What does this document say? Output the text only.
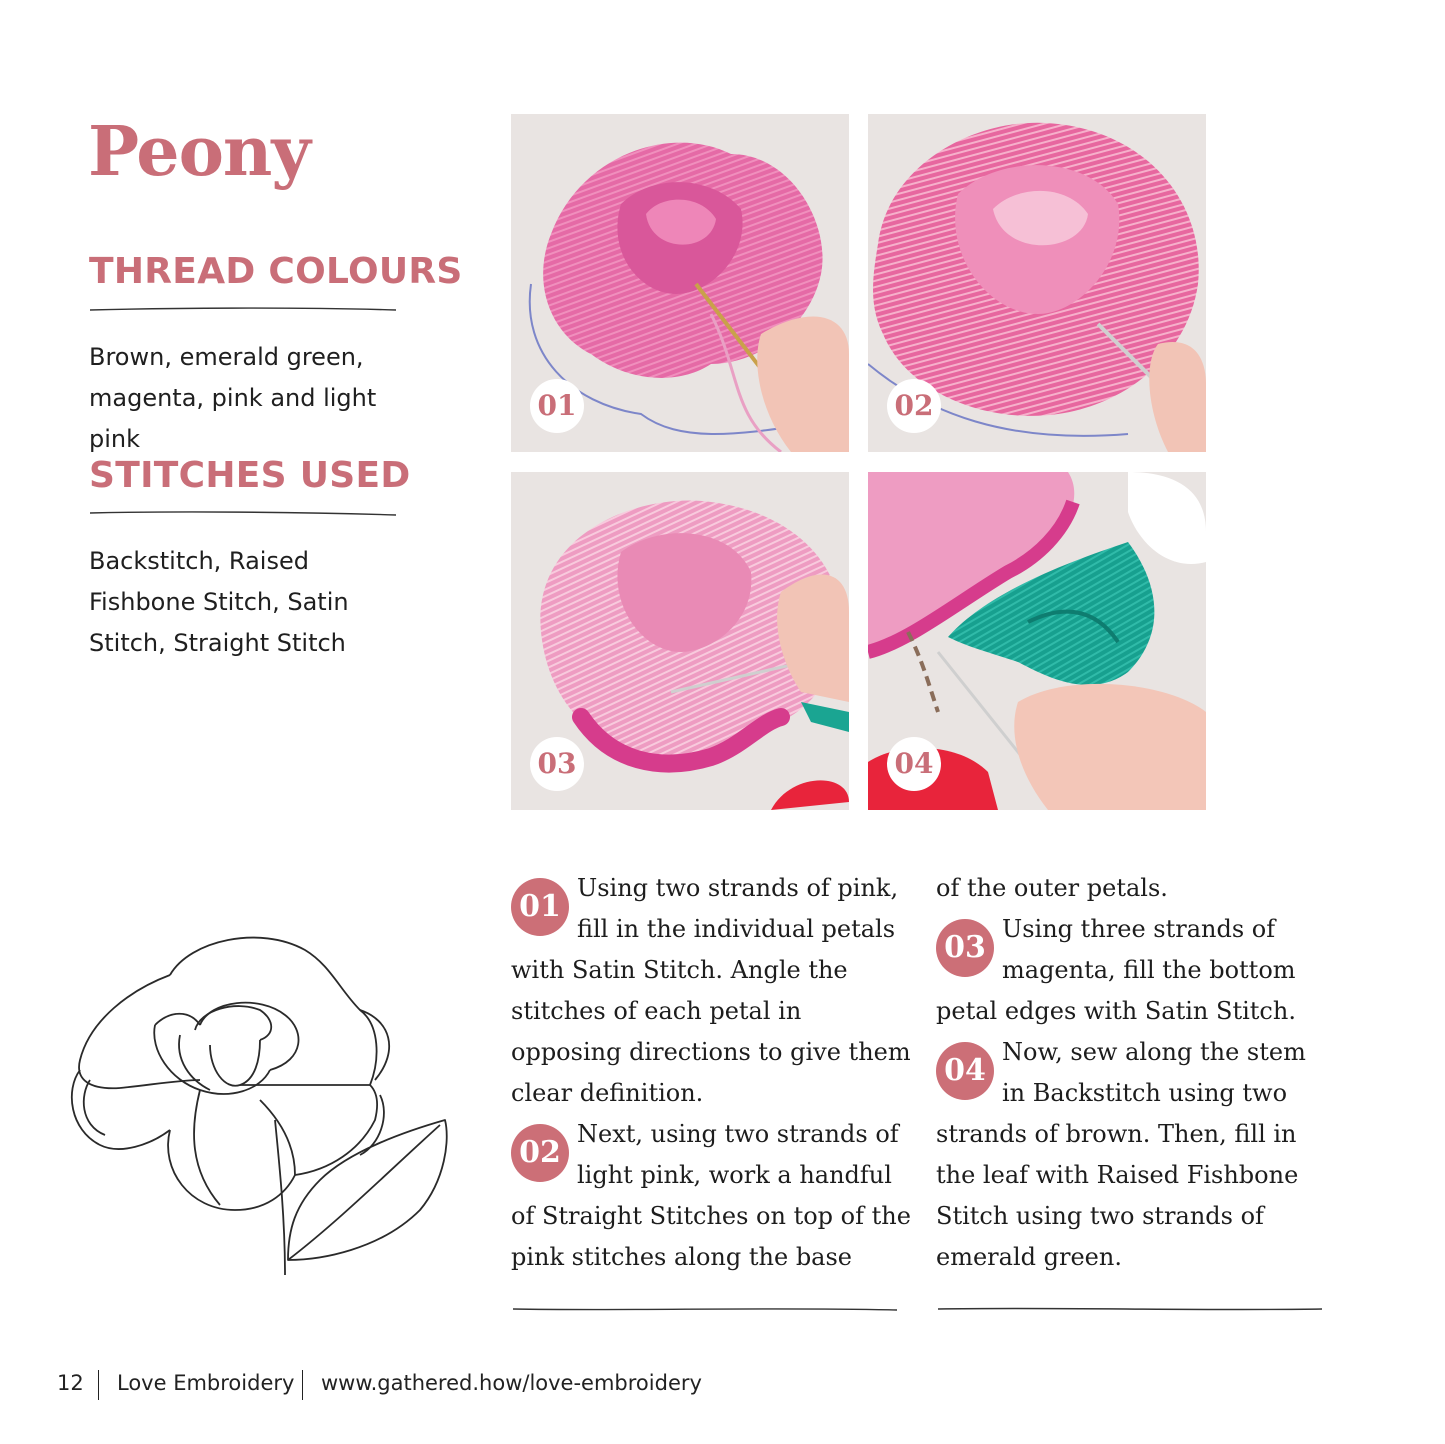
Peony
THREAD COLOURS

Brown, emerald green, magenta, pink and light pink

STITCHES USED

Backstitch, Raised Fishbone Stitch, Satin Stitch, Straight Stitch

01	02
03	04

01
Using two strands of pink, fill in the individual petals with Satin Stitch. Angle the stitches of each petal in opposing directions to give them clear definition.

02
Next, using two strands of light pink, work a handful of Straight Stitches on top of the pink stitches along the base

of the outer petals.

03
Using three strands of magenta, fill the bottom petal edges with Satin Stitch.

04
Now, sew along the stem in Backstitch using two strands of brown. Then, fill in the leaf with Raised Fishbone Stitch using two strands of emerald green.

12 Love Embroidery www.gathered.how/love-embroidery
